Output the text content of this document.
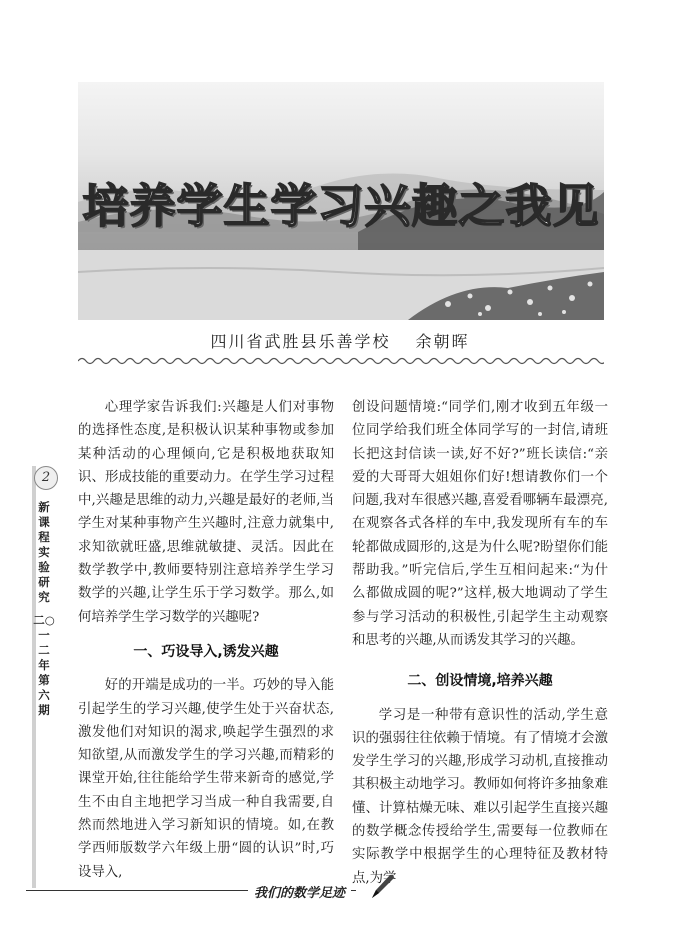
培养学生学习兴趣之我见
四川省武胜县乐善学校 余朝晖
2
新课程实验研究
二○一二年 第六期

心理学家告诉我们:兴趣是人们对事物的选择性态度,是积极认识某种事物或参加某种活动的心理倾向,它是积极地获取知识、形成技能的重要动力。在学生学习过程中,兴趣是思维的动力,兴趣是最好的老师,当学生对某种事物产生兴趣时,注意力就集中,求知欲就旺盛,思维就敏捷、灵活。因此在数学教学中,教师要特别注意培养学生学习数学的兴趣,让学生乐于学习数学。那么,如何培养学生学习数学的兴趣呢?

一、巧设导入,诱发兴趣

好的开端是成功的一半。巧妙的导入能引起学生的学习兴趣,使学生处于兴奋状态,激发他们对知识的渴求,唤起学生强烈的求知欲望,从而激发学生的学习兴趣,而精彩的课堂开始,往往能给学生带来新奇的感觉,学生不由自主地把学习当成一种自我需要,自然而然地进入学习新知识的情境。如,在教学西师版数学六年级上册“圆的认识”时,巧设导入,

创设问题情境:“同学们,刚才收到五年级一位同学给我们班全体同学写的一封信,请班长把这封信读一读,好不好?”班长读信:“亲爱的大哥哥大姐姐你们好!想请教你们一个问题,我对车很感兴趣,喜爱看哪辆车最漂亮,在观察各式各样的车中,我发现所有车的车轮都做成圆形的,这是为什么呢?盼望你们能帮助我。”听完信后,学生互相问起来:“为什么都做成圆的呢?”这样,极大地调动了学生参与学习活动的积极性,引起学生主动观察和思考的兴趣,从而诱发其学习的兴趣。

二、创设情境,培养兴趣

学习是一种带有意识性的活动,学生意识的强弱往往依赖于情境。有了情境才会激发学生学习的兴趣,形成学习动机,直接推动其积极主动地学习。教师如何将许多抽象难懂、计算枯燥无味、难以引起学生直接兴趣的数学概念传授给学生,需要每一位教师在实际教学中根据学生的心理特征及教材特点,为学

我们的数学足迹
